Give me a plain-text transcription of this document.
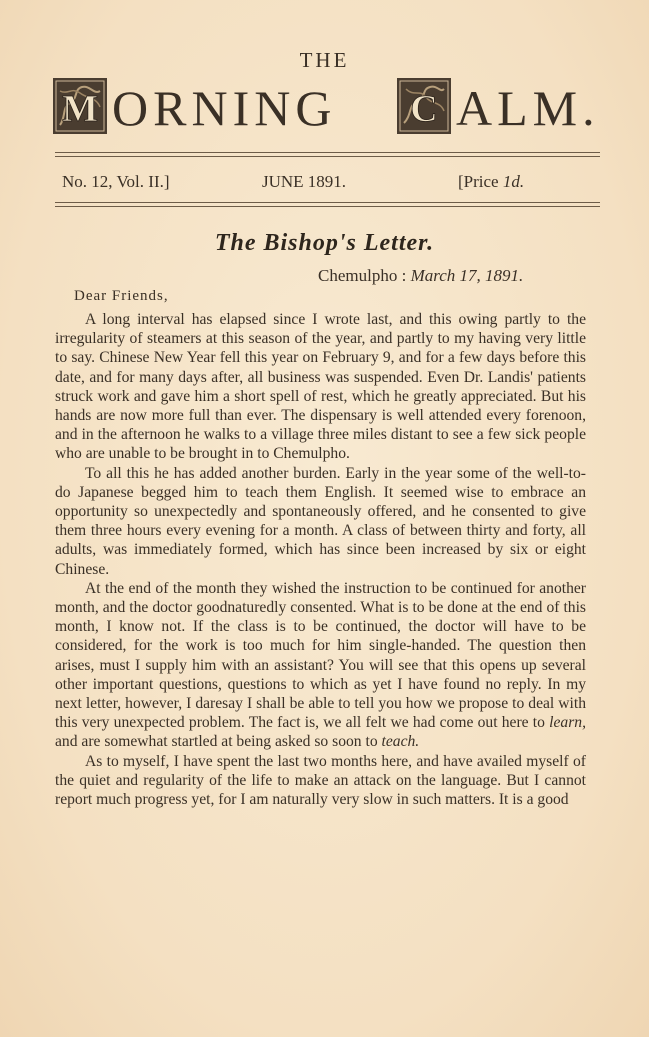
THE
M ORNING C ALM.
No. 12, Vol. II.]	JUNE 1891.	[Price 1d.
The Bishop's Letter.
Chemulpho : March 17, 1891.
Dear Friends,

A long interval has elapsed since I wrote last, and this owing partly to the irregularity of steamers at this season of the year, and partly to my having very little to say. Chinese New Year fell this year on February 9, and for a few days before this date, and for many days after, all business was suspended. Even Dr. Landis' patients struck work and gave him a short spell of rest, which he greatly appreciated. But his hands are now more full than ever. The dispensary is well attended every forenoon, and in the afternoon he walks to a village three miles distant to see a few sick people who are unable to be brought in to Chemulpho.

To all this he has added another burden. Early in the year some of the well-to-do Japanese begged him to teach them English. It seemed wise to embrace an opportunity so unexpectedly and spontaneously offered, and he consented to give them three hours every evening for a month. A class of between thirty and forty, all adults, was immediately formed, which has since been increased by six or eight Chinese.

At the end of the month they wished the instruction to be continued for another month, and the doctor goodnaturedly consented. What is to be done at the end of this month, I know not. If the class is to be continued, the doctor will have to be considered, for the work is too much for him single-handed. The question then arises, must I supply him with an assistant? You will see that this opens up several other important questions, questions to which as yet I have found no reply. In my next letter, however, I daresay I shall be able to tell you how we propose to deal with this very unexpected problem. The fact is, we all felt we had come out here to learn, and are somewhat startled at being asked so soon to teach.

As to myself, I have spent the last two months here, and have availed myself of the quiet and regularity of the life to make an attack on the language. But I cannot report much progress yet, for I am naturally very slow in such matters. It is a good
